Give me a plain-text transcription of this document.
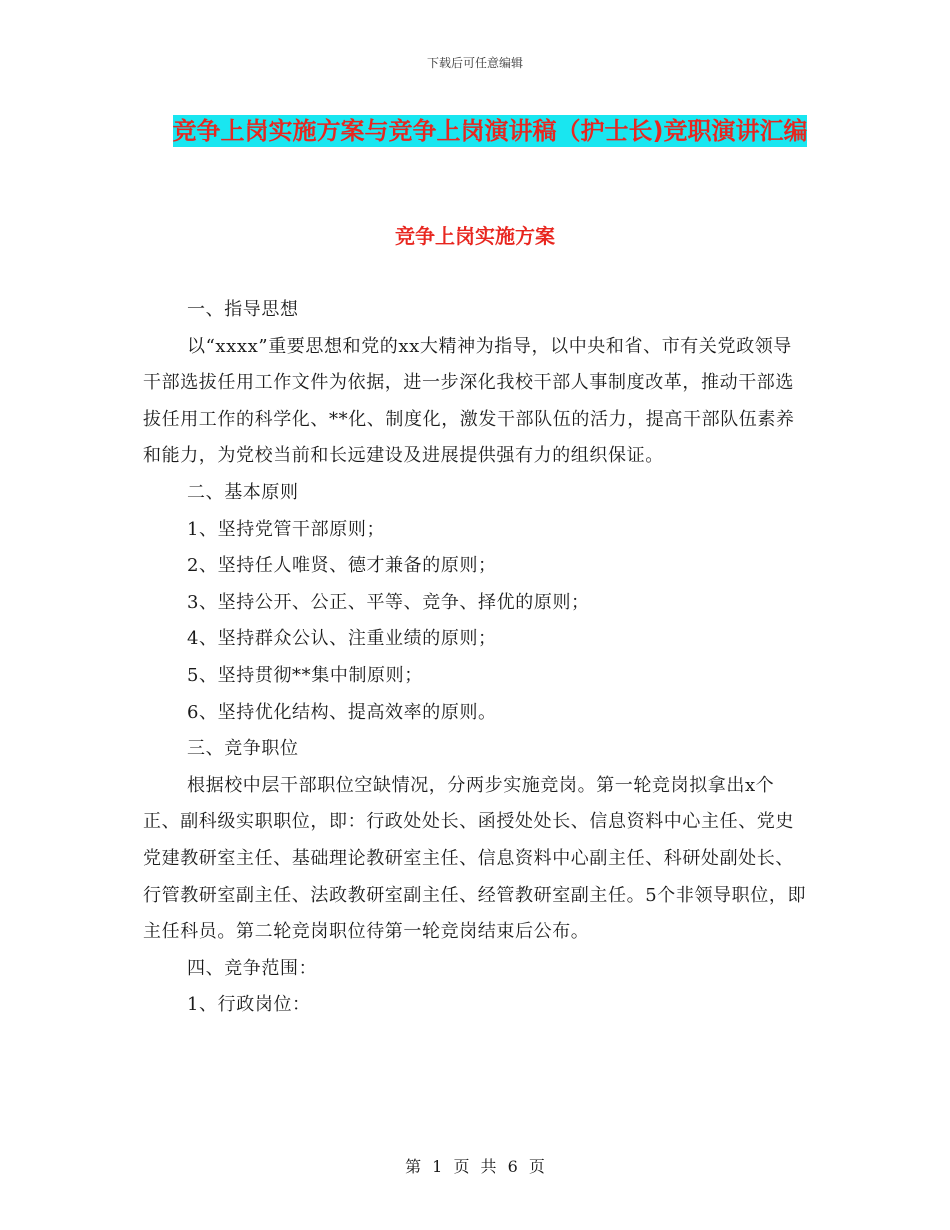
下载后可任意编辑
竞争上岗实施方案与竞争上岗演讲稿（护士长)竞职演讲汇编
竞争上岗实施方案

一、指导思想

以“xxxx”重要思想和党的xx大精神为指导，以中央和省、市有关党政领导干部选拔任用工作文件为依据，进一步深化我校干部人事制度改革，推动干部选拔任用工作的科学化、**化、制度化，激发干部队伍的活力，提高干部队伍素养和能力，为党校当前和长远建设及进展提供强有力的组织保证。

二、基本原则

1、坚持党管干部原则；

2、坚持任人唯贤、德才兼备的原则；

3、坚持公开、公正、平等、竞争、择优的原则；

4、坚持群众公认、注重业绩的原则；

5、坚持贯彻**集中制原则；

6、坚持优化结构、提高效率的原则。

三、竞争职位

根据校中层干部职位空缺情况，分两步实施竞岗。第一轮竞岗拟拿出x个正、副科级实职职位，即：行政处处长、函授处处长、信息资料中心主任、党史党建教研室主任、基础理论教研室主任、信息资料中心副主任、科研处副处长、行管教研室副主任、法政教研室副主任、经管教研室副主任。5个非领导职位，即主任科员。第二轮竞岗职位待第一轮竞岗结束后公布。

四、竞争范围：

1、行政岗位：

第 1 页 共 6 页
